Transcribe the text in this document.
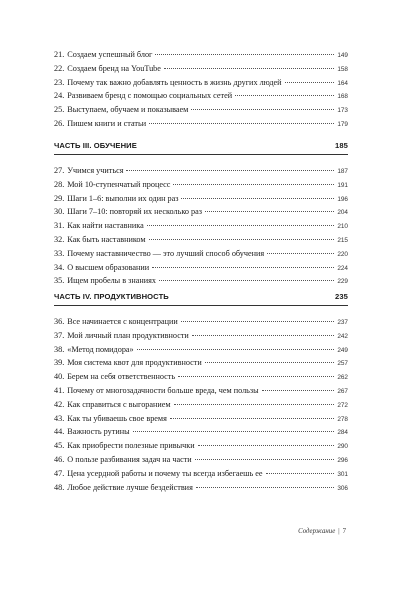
21. Создаем успешный блог	149
22. Создаем бренд на YouTube	158
23. Почему так важно добавлять ценность в жизнь других людей	164
24. Развиваем бренд с помощью социальных сетей	168
25. Выступаем, обучаем и показываем	173
26. Пишем книги и статьи	179
ЧАСТЬ III. ОБУЧЕНИЕ	185
27. Учимся учиться	187
28. Мой 10-ступенчатый процесс	191
29. Шаги 1–6: выполни их один раз	196
30. Шаги 7–10: повторяй их несколько раз	204
31. Как найти наставника	210
32. Как быть наставником	215
33. Почему наставничество — это лучший способ обучения	220
34. О высшем образовании	224
35. Ищем пробелы в знаниях	229
ЧАСТЬ IV. ПРОДУКТИВНОСТЬ	235
36. Все начинается с концентрации	237
37. Мой личный план продуктивности	242
38. «Метод помидора»	249
39. Моя система квот для продуктивности	257
40. Берем на себя ответственность	262
41. Почему от многозадачности больше вреда, чем пользы	267
42. Как справиться с выгоранием	272
43. Как ты убиваешь свое время	278
44. Важность рутины	284
45. Как приобрести полезные привычки	290
46. О пользе разбивания задач на части	296
47. Цена усердной работы и почему ты всегда избегаешь ее	301
48. Любое действие лучше бездействия	306
Содержание | 7
